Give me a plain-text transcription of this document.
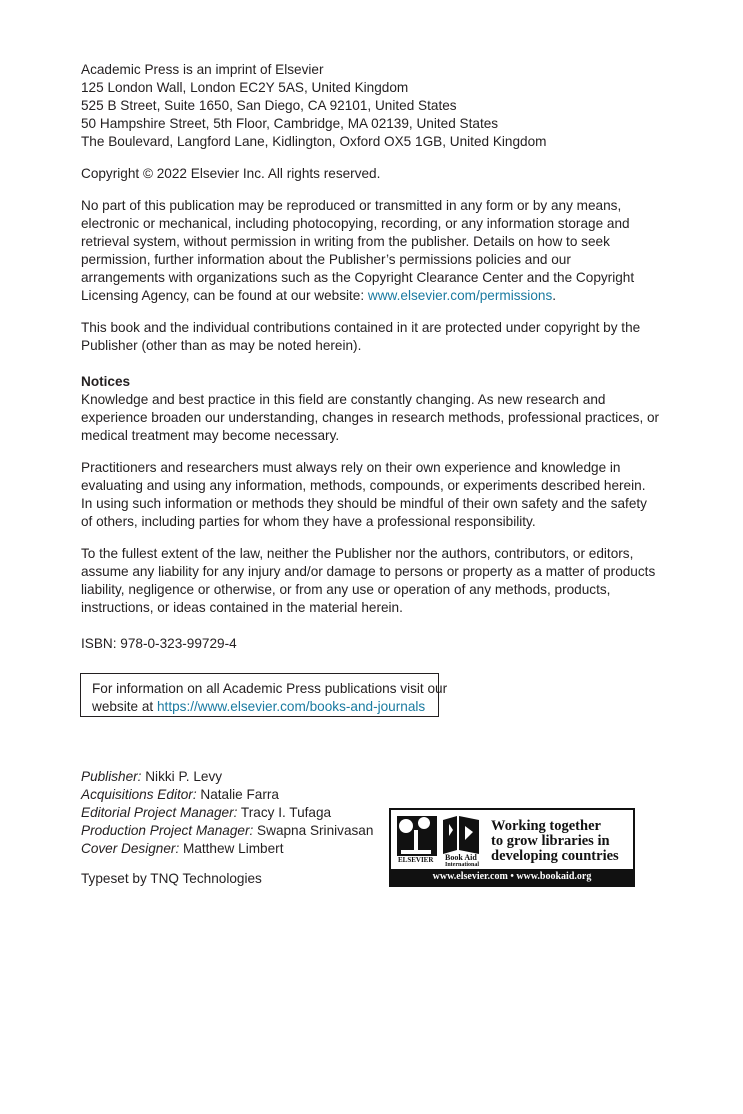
Academic Press is an imprint of Elsevier
125 London Wall, London EC2Y 5AS, United Kingdom
525 B Street, Suite 1650, San Diego, CA 92101, United States
50 Hampshire Street, 5th Floor, Cambridge, MA 02139, United States
The Boulevard, Langford Lane, Kidlington, Oxford OX5 1GB, United Kingdom
Copyright © 2022 Elsevier Inc. All rights reserved.
No part of this publication may be reproduced or transmitted in any form or by any means,
electronic or mechanical, including photocopying, recording, or any information storage and
retrieval system, without permission in writing from the publisher. Details on how to seek
permission, further information about the Publisher’s permissions policies and our
arrangements with organizations such as the Copyright Clearance Center and the Copyright
Licensing Agency, can be found at our website: www.elsevier.com/permissions.
This book and the individual contributions contained in it are protected under copyright by the
Publisher (other than as may be noted herein).
Notices
Knowledge and best practice in this field are constantly changing. As new research and
experience broaden our understanding, changes in research methods, professional practices, or
medical treatment may become necessary.
Practitioners and researchers must always rely on their own experience and knowledge in
evaluating and using any information, methods, compounds, or experiments described herein.
In using such information or methods they should be mindful of their own safety and the safety
of others, including parties for whom they have a professional responsibility.
To the fullest extent of the law, neither the Publisher nor the authors, contributors, or editors,
assume any liability for any injury and/or damage to persons or property as a matter of products
liability, negligence or otherwise, or from any use or operation of any methods, products,
instructions, or ideas contained in the material herein.
ISBN: 978-0-323-99729-4
For information on all Academic Press publications visit our
website at https://www.elsevier.com/books-and-journals
Publisher: Nikki P. Levy
Acquisitions Editor: Natalie Farra
Editorial Project Manager: Tracy I. Tufaga
Production Project Manager: Swapna Srinivasan
Cover Designer: Matthew Limbert
Typeset by TNQ Technologies
ELSEVIER Book Aid
International
Working together
to grow libraries in
developing countries
www.elsevier.com • www.bookaid.org
